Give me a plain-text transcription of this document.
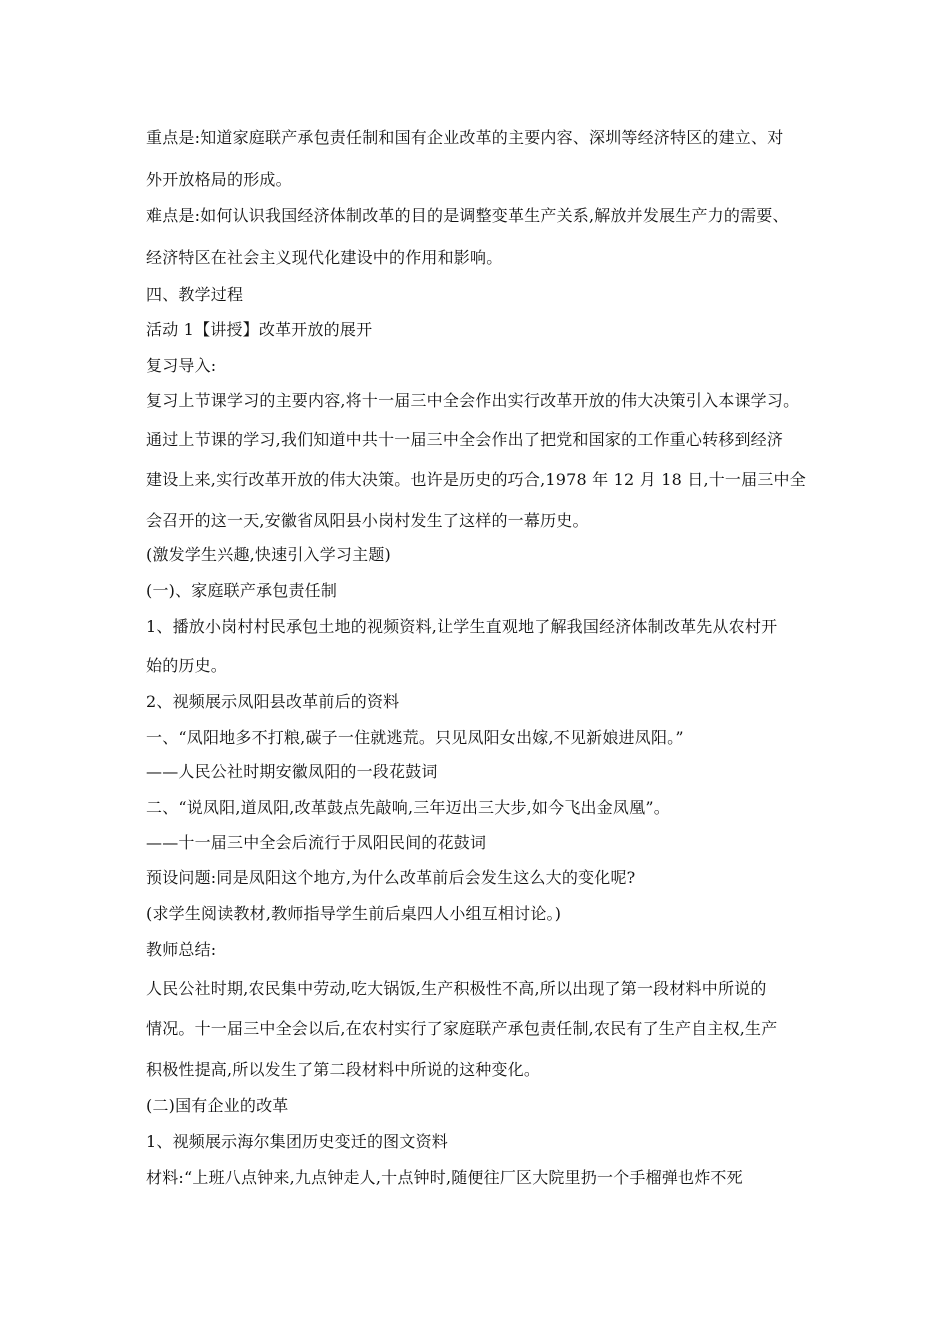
重点是:知道家庭联产承包责任制和国有企业改革的主要内容、深圳等经济特区的建立、对
外开放格局的形成。
难点是:如何认识我国经济体制改革的目的是调整变革生产关系,解放并发展生产力的需要、
经济特区在社会主义现代化建设中的作用和影响。
四、教学过程
活动 1【讲授】改革开放的展开
复习导入:
复习上节课学习的主要内容,将十一届三中全会作出实行改革开放的伟大决策引入本课学习。
通过上节课的学习,我们知道中共十一届三中全会作出了把党和国家的工作重心转移到经济
建设上来,实行改革开放的伟大决策。也许是历史的巧合,1978 年 12 月 18 日,十一届三中全
会召开的这一天,安徽省凤阳县小岗村发生了这样的一幕历史。
(激发学生兴趣,快速引入学习主题)
(一)、家庭联产承包责任制
1、播放小岗村村民承包土地的视频资料,让学生直观地了解我国经济体制改革先从农村开
始的历史。
2、视频展示凤阳县改革前后的资料
一、“凤阳地多不打粮,碳子一住就逃荒。只见凤阳女出嫁,不见新娘进凤阳。”
——人民公社时期安徽凤阳的一段花鼓词
二、“说凤阳,道凤阳,改革鼓点先敲响,三年迈出三大步,如今飞出金凤凰”。
——十一届三中全会后流行于凤阳民间的花鼓词
预设问题:同是凤阳这个地方,为什么改革前后会发生这么大的变化呢?
(求学生阅读教材,教师指导学生前后桌四人小组互相讨论。)
教师总结:
人民公社时期,农民集中劳动,吃大锅饭,生产积极性不高,所以出现了第一段材料中所说的
情况。十一届三中全会以后,在农村实行了家庭联产承包责任制,农民有了生产自主权,生产
积极性提高,所以发生了第二段材料中所说的这种变化。
(二)国有企业的改革
1、视频展示海尔集团历史变迁的图文资料
材料:“上班八点钟来,九点钟走人,十点钟时,随便往厂区大院里扔一个手榴弹也炸不死
